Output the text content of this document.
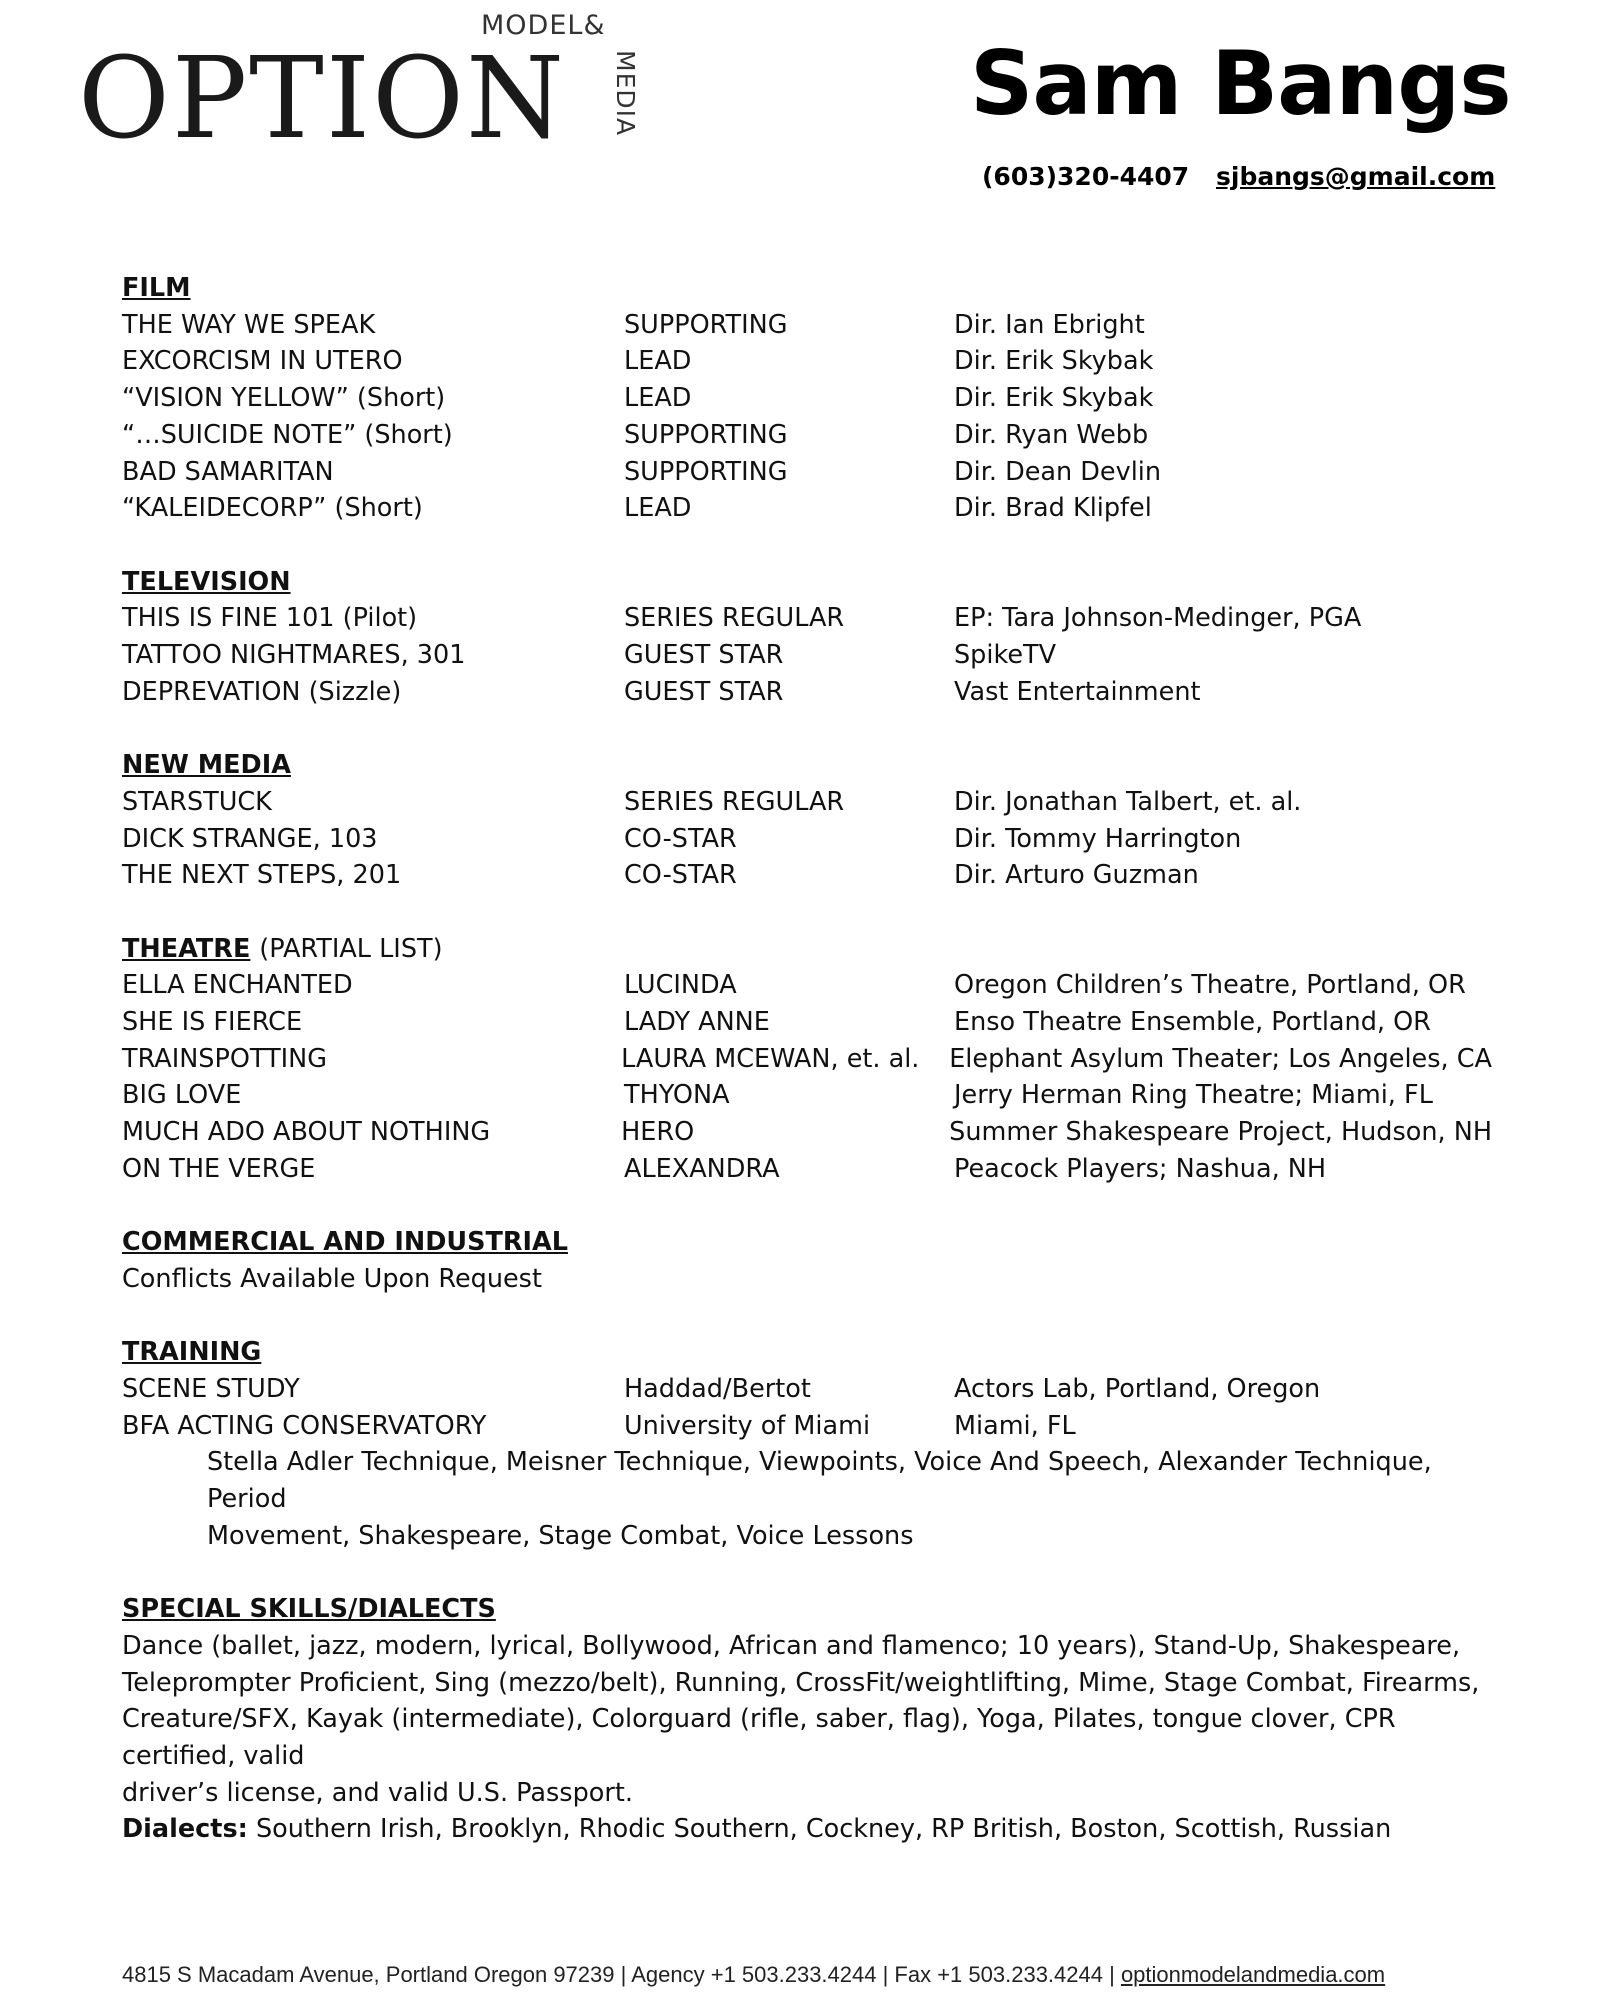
OPTION
MODEL&
MEDIA	Sam Bangs
(603)320-4407 sjbangs@gmail.com
FILM
THE WAY WE SPEAK	SUPPORTING	Dir. Ian Ebright
EXCORCISM IN UTERO	LEAD	Dir. Erik Skybak
“VISION YELLOW” (Short)	LEAD	Dir. Erik Skybak
“…SUICIDE NOTE” (Short)	SUPPORTING	Dir. Ryan Webb
BAD SAMARITAN	SUPPORTING	Dir. Dean Devlin
“KALEIDECORP” (Short)	LEAD	Dir. Brad Klipfel
TELEVISION
THIS IS FINE 101 (Pilot)	SERIES REGULAR	EP: Tara Johnson-Medinger, PGA
TATTOO NIGHTMARES, 301	GUEST STAR	SpikeTV
DEPREVATION (Sizzle)	GUEST STAR	Vast Entertainment
NEW MEDIA
STARSTUCK	SERIES REGULAR	Dir. Jonathan Talbert, et. al.
DICK STRANGE, 103	CO-STAR	Dir. Tommy Harrington
THE NEXT STEPS, 201	CO-STAR	Dir. Arturo Guzman
THEATRE (PARTIAL LIST)
ELLA ENCHANTED	LUCINDA	Oregon Children’s Theatre, Portland, OR
SHE IS FIERCE	LADY ANNE	Enso Theatre Ensemble, Portland, OR
TRAINSPOTTING	LAURA MCEWAN, et. al.	Elephant Asylum Theater; Los Angeles, CA
BIG LOVE	THYONA	Jerry Herman Ring Theatre; Miami, FL
MUCH ADO ABOUT NOTHING	HERO	Summer Shakespeare Project, Hudson, NH
ON THE VERGE	ALEXANDRA	Peacock Players; Nashua, NH
COMMERCIAL AND INDUSTRIAL
Conflicts Available Upon Request
TRAINING
SCENE STUDY	Haddad/Bertot	Actors Lab, Portland, Oregon
BFA ACTING CONSERVATORY	University of Miami	Miami, FL
Stella Adler Technique, Meisner Technique, Viewpoints, Voice And Speech, Alexander Technique, Period
Movement, Shakespeare, Stage Combat, Voice Lessons
SPECIAL SKILLS/DIALECTS
Dance (ballet, jazz, modern, lyrical, Bollywood, African and flamenco; 10 years), Stand-Up, Shakespeare,
Teleprompter Proficient, Sing (mezzo/belt), Running, CrossFit/weightlifting, Mime, Stage Combat, Firearms,
Creature/SFX, Kayak (intermediate), Colorguard (rifle, saber, flag), Yoga, Pilates, tongue clover, CPR certified, valid
driver’s license, and valid U.S. Passport.
Dialects: Southern Irish, Brooklyn, Rhodic Southern, Cockney, RP British, Boston, Scottish, Russian
4815 S Macadam Avenue, Portland Oregon 97239 | Agency +1 503.233.4244 | Fax +1 503.233.4244 | optionmodelandmedia.com
